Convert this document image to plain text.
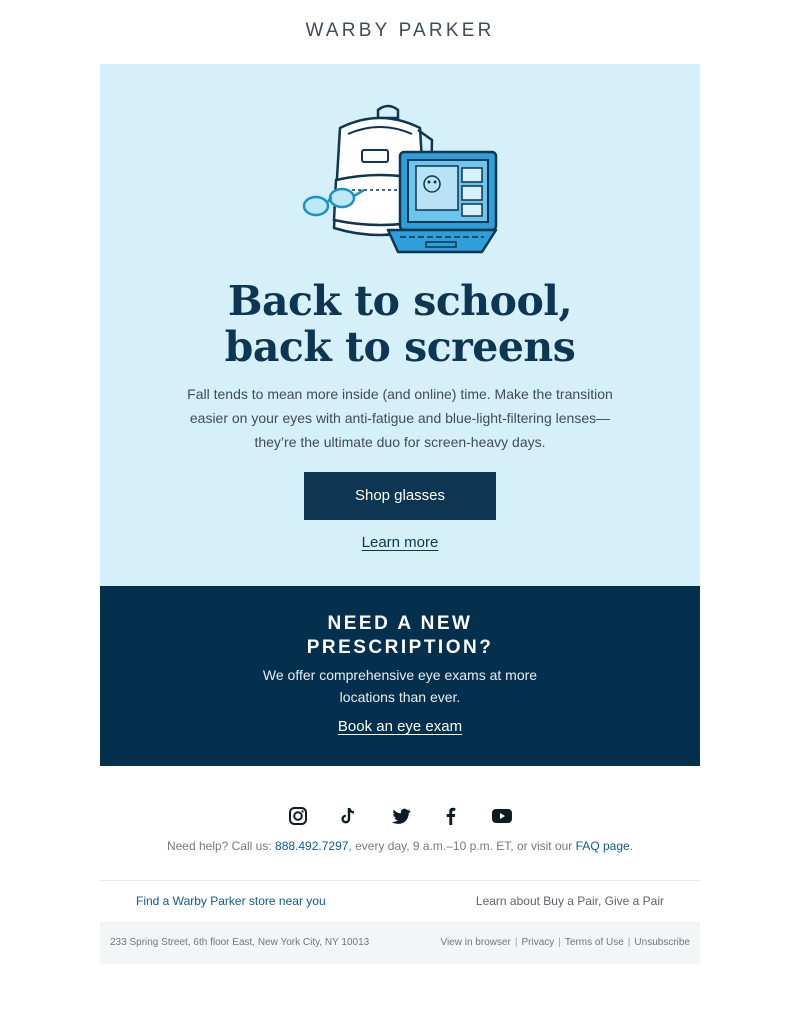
WARBY PARKER
Back to school,
back to screens

Fall tends to mean more inside (and online) time. Make the transition
easier on your eyes with anti-fatigue and blue-light-filtering lenses—
they’re the ultimate duo for screen-heavy days.

Shop glasses
Learn more
NEED A NEW
PRESCRIPTION?

We offer comprehensive eye exams at more
locations than ever.

Book an eye exam

Need help? Call us: 888.492.7297, every day, 9 a.m.–10 p.m. ET, or visit our FAQ page.

Find a Warby Parker store near you	Learn about Buy a Pair, Give a Pair
233 Spring Street, 6th floor East, New York City, NY 10013	View in browser | Privacy | Terms of Use | Unsubscribe
